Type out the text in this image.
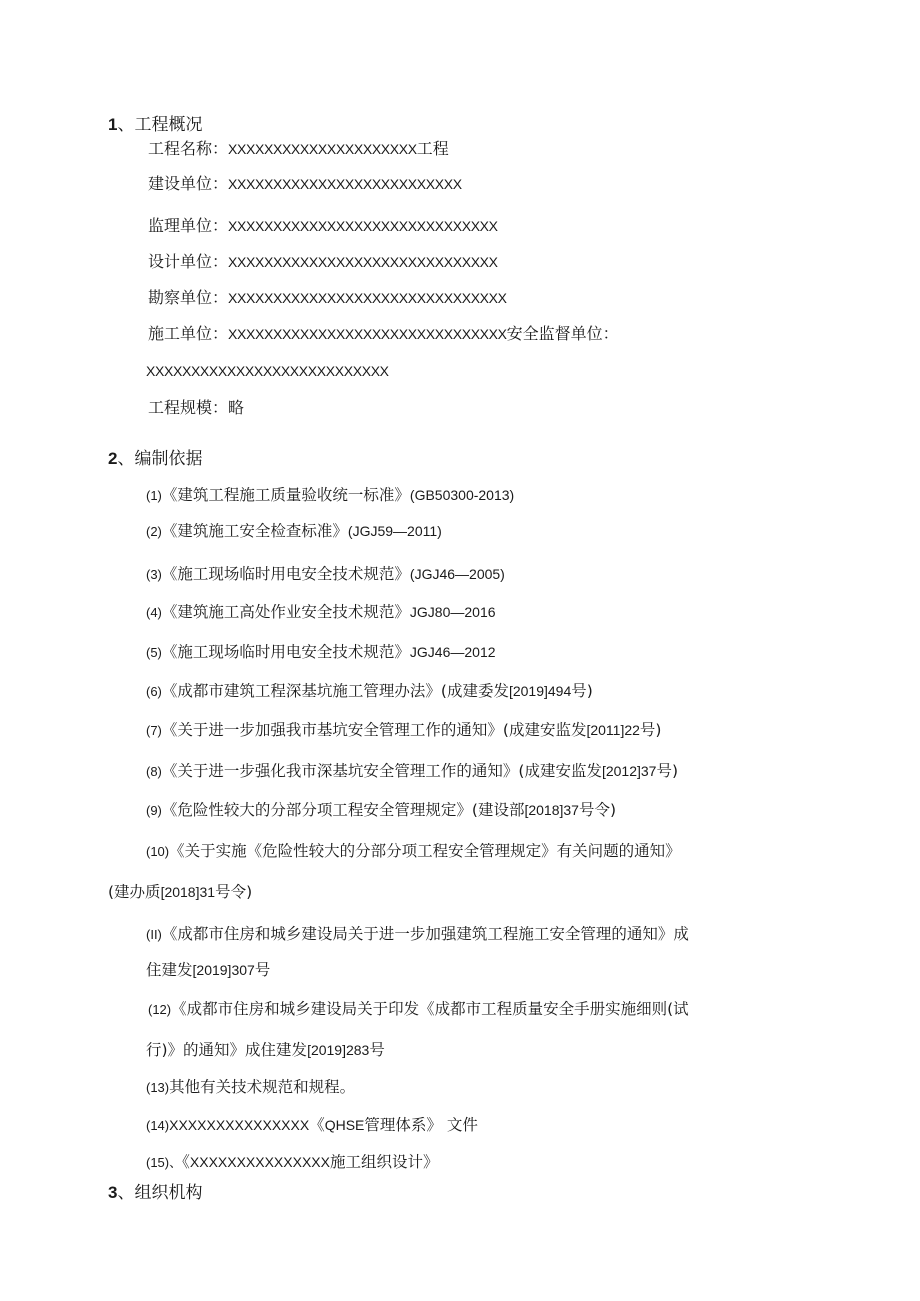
1、工程概况
工程名称：XXXXXXXXXXXXXXXXXXXXX工程
建设单位：XXXXXXXXXXXXXXXXXXXXXXXXXX
监理单位：XXXXXXXXXXXXXXXXXXXXXXXXXXXXXX
设计单位：XXXXXXXXXXXXXXXXXXXXXXXXXXXXXX
勘察单位：XXXXXXXXXXXXXXXXXXXXXXXXXXXXXXX
施工单位：XXXXXXXXXXXXXXXXXXXXXXXXXXXXXXX安全监督单位：
XXXXXXXXXXXXXXXXXXXXXXXXXXX
工程规模：略
2、编制依据
(1)《建筑工程施工质量验收统一标准》(GB50300-2013)
(2)《建筑施工安全检查标准》(JGJ59—2011)
(3)《施工现场临时用电安全技术规范》(JGJ46—2005)
(4)《建筑施工高处作业安全技术规范》JGJ80—2016
(5)《施工现场临时用电安全技术规范》JGJ46—2012
(6)《成都市建筑工程深基坑施工管理办法》(成建委发[2019]494号)
(7)《关于进一步加强我市基坑安全管理工作的通知》(成建安监发[2011]22号)
(8)《关于进一步强化我市深基坑安全管理工作的通知》(成建安监发[2012]37号)
(9)《危险性较大的分部分项工程安全管理规定》(建设部[2018]37号令)
(10)《关于实施《危险性较大的分部分项工程安全管理规定》有关问题的通知》
(建办质[2018]31号令)
(II)《成都市住房和城乡建设局关于进一步加强建筑工程施工安全管理的通知》成
住建发[2019]307号
(12)《成都市住房和城乡建设局关于印发《成都市工程质量安全手册实施细则(试
行)》的通知》成住建发[2019]283号
(13)其他有关技术规范和规程。
(14)XXXXXXXXXXXXXXX《QHSE管理体系》 文件
(15)、《XXXXXXXXXXXXXXX施工组织设计》
3、组织机构
